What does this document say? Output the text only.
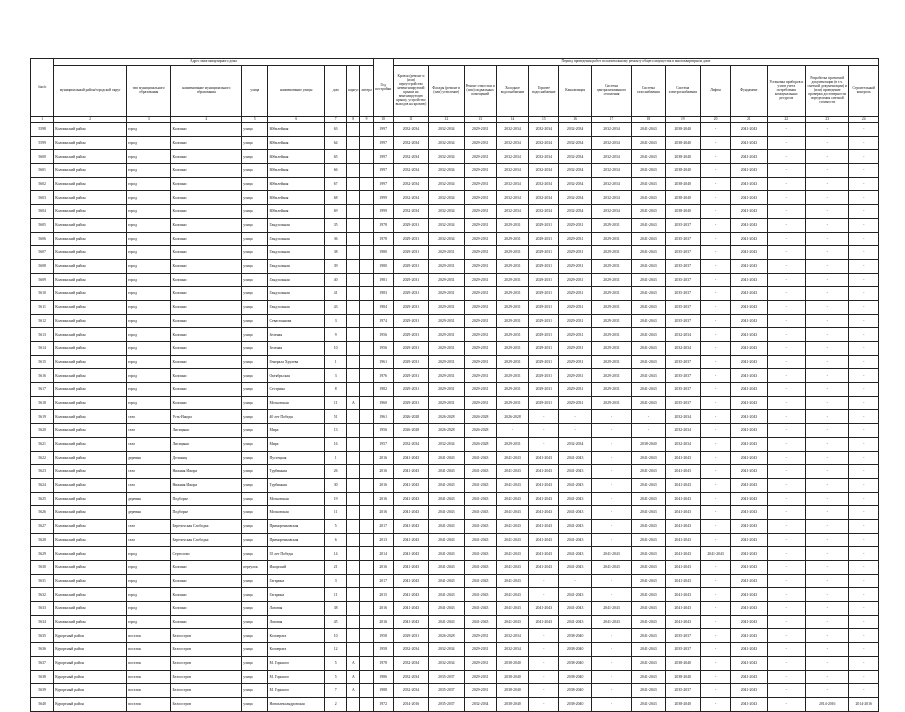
№п/п	Адрес многоквартирного дома								Год постройки	Период проведения работ по капитальному ремонту общего имущества в многоквартирном доме													
	муниципальный район/городской округ	тип муниципального образования	наименование муниципального образования	улица	наименование улицы	дом	корпус	литера		Кровля (ремонт и (или) переустройство невентилируемой крыши на вентилируемую крышу, устройство выходов на кровлю)	Фасады (ремонт и (или) утепление)	Ремонт отмостки и (или) подвальных помещений	Холодное водоснабжение	Горячее водоснабжение	Канализация	Система централизованного отопления	Система газоснабжения	Система электроснабжения	Лифты	Фундамент	Установка приборов и узлов учета потребления коммунальных ресурсов	Разработка проектной документации (в т.ч. сметной документации) и (или) проведение проверки достоверности определения сметной стоимости	Строительный контроль
1	2	3	4	5	6	7	8	9	10	11	12	13	14	15	16	17	18	19	20	21	22	23	24
5598	Колпинский район	город	Колпино	улица	Юбилейная	63			1997	2032-2034	2032-2034	2029-2031	2032-2034	2032-2034	2032-2034	2032-2034	2041-2043	2038-2040	-	2041-2043	-	-	-
5599	Колпинский район	город	Колпино	улица	Юбилейная	64			1997	2032-2034	2032-2034	2029-2031	2032-2034	2032-2034	2032-2034	2032-2034	2041-2043	2038-2040	-	2041-2043	-	-	-
5600	Колпинский район	город	Колпино	улица	Юбилейная	65			1997	2032-2034	2032-2034	2029-2031	2032-2034	2032-2034	2032-2034	2032-2034	2041-2043	2038-2040	-	2041-2043	-	-	-
5601	Колпинский район	город	Колпино	улица	Юбилейная	66			1997	2032-2034	2032-2034	2029-2031	2032-2034	2032-2034	2032-2034	2032-2034	2041-2043	2038-2040	-	2041-2043	-	-	-
5602	Колпинский район	город	Колпино	улица	Юбилейная	67			1997	2032-2034	2032-2034	2029-2031	2032-2034	2032-2034	2032-2034	2032-2034	2041-2043	2038-2040	-	2041-2043	-	-	-
5603	Колпинский район	город	Колпино	улица	Юбилейная	68			1999	2032-2034	2032-2034	2029-2031	2032-2034	2032-2034	2032-2034	2032-2034	2041-2043	2038-2040	-	2041-2043	-	-	-
5604	Колпинский район	город	Колпино	улица	Юбилейная	69			1999	2032-2034	2032-2034	2029-2031	2032-2034	2032-2034	2032-2034	2032-2034	2041-2043	2038-2040	-	2041-2043	-	-	-
5605	Колпинский район	город	Колпино	улица	Гандзольная	35			1978	2029-2031	2032-2034	2029-2031	2029-2031	2029-2031	2029-2031	2029-2031	2041-2043	2035-2037	-	2041-2043	-	-	-
5606	Колпинский район	город	Колпино	улица	Гандзольная	36			1978	2029-2031	2032-2034	2029-2031	2029-2031	2029-2031	2029-2031	2029-2031	2041-2043	2035-2037	-	2041-2043	-	-	-
5607	Колпинский район	город	Колпино	улица	Гандзольная	38			1980	2029-2031	2029-2031	2029-2031	2029-2031	2029-2031	2029-2031	2029-2031	2041-2043	2035-2037	-	2041-2043	-	-	-
5608	Колпинский район	город	Колпино	улица	Гандзольная	39			1980	2029-2031	2029-2031	2029-2031	2029-2031	2029-2031	2029-2031	2029-2031	2041-2043	2035-2037	-	2041-2043	-	-	-
5609	Колпинский район	город	Колпино	улица	Гандзольная	40			1981	2029-2031	2029-2031	2029-2031	2029-2031	2029-2031	2029-2031	2029-2031	2041-2043	2035-2037	-	2041-2043	-	-	-
5610	Колпинский район	город	Колпино	улица	Гандзольная	41			1983	2029-2031	2029-2031	2029-2031	2029-2031	2029-2031	2029-2031	2029-2031	2041-2043	2035-2037	-	2041-2043	-	-	-
5611	Колпинский район	город	Колпино	улица	Гандзольная	43			1984	2029-2031	2029-2031	2029-2031	2029-2031	2029-2031	2029-2031	2029-2031	2041-2043	2035-2037	-	2041-2043	-	-	-
5612	Колпинский район	город	Колпино	улица	Севастьянова	3			1974	2029-2031	2029-2031	2029-2031	2029-2031	2029-2031	2029-2031	2029-2031	2041-2043	2035-2037	-	2041-2043	-	-	-
5613	Колпинский район	город	Колпино	улица	Зеленая	9			1956	2029-2031	2029-2031	2029-2031	2029-2031	2029-2031	2029-2031	2029-2031	2041-2043	2032-2034	-	2041-2043	-	-	-
5614	Колпинский район	город	Колпино	улица	Зеленая	10			1956	2029-2031	2029-2031	2029-2031	2029-2031	2029-2031	2029-2031	2029-2031	2041-2043	2032-2034	-	2041-2043	-	-	-
5615	Колпинский район	город	Колпино	улица	Генерала Хрулева	1			1961	2029-2031	2029-2031	2029-2031	2029-2031	2029-2031	2029-2031	2029-2031	2041-2043	2035-2037	-	2041-2043	-	-	-
5616	Колпинский район	город	Колпино	улица	Октябрьская	3			1976	2029-2031	2029-2031	2029-2031	2029-2031	2029-2031	2029-2031	2029-2031	2041-2043	2035-2037	-	2041-2043	-	-	-
5617	Колпинский район	город	Колпино	улица	Сестрина	8			1982	2029-2031	2029-2031	2029-2031	2029-2031	2029-2031	2029-2031	2029-2031	2041-2043	2035-2037	-	2041-2043	-	-	-
5618	Колпинский район	город	Колпино	улица	Московская	11	А		1960	2029-2031	2029-2031	2029-2031	2029-2031	2029-2031	2029-2031	2029-2031	2041-2043	2035-2037	-	2041-2043	-	-	-
5619	Колпинский район	село	Усть-Ижора	улица	40 лет Победы	51			1961	2026-2028	2026-2028	2026-2028	2026-2028	-	-	-	-	2032-2034	-	2041-2043	-	-	-
5620	Колпинский район	село	Лисицыно	улица	Мира	13			1956	2026-2028	2026-2028	2026-2028	-	-	-	-	-	2032-2034	-	2041-2043	-	-	-
5621	Колпинский район	село	Лисицыно	улица	Мира	16			1957	2032-2034	2032-2034	2026-2028	2029-2031	-	2032-2034	-	2038-2040	2032-2034	-	2041-2043	-	-	-
5622	Колпинский район	деревня	Делиниц	улица	Пустецкая	1			2016	2041-2043	2041-2043	2041-2043	2041-2043	2041-2043	2041-2043	-	2041-2043	2041-2043	-	2041-2043	-	-	-
5623	Колпинский район	село	Нижняя Ижора	улица	Турбинная	26			2016	2041-2043	2041-2043	2041-2043	2041-2043	2041-2043	2041-2043	-	2041-2043	2041-2043	-	2041-2043	-	-	-
5624	Колпинский район	село	Нижняя Ижора	улица	Турбинная	30			2016	2041-2043	2041-2043	2041-2043	2041-2043	2041-2043	2041-2043	-	2041-2043	2041-2043	-	2041-2043	-	-	-
5625	Колпинский район	деревня	Подборье	улица	Московская	19			2016	2041-2043	2041-2043	2041-2043	2041-2043	2041-2043	2041-2043	-	2041-2043	2041-2043	-	2041-2043	-	-	-
5626	Колпинский район	деревня	Подборье	улица	Московская	11			2016	2041-2043	2041-2043	2041-2043	2041-2043	2041-2043	2041-2043	-	2041-2043	2041-2043	-	2041-2043	-	-	-
5627	Колпинский район	село	Березочская Слободка	улица	Приморенковская	5			2017	2041-2043	2041-2043	2041-2043	2041-2043	2041-2043	2041-2043	-	2041-2043	2041-2043	-	2041-2043	-	-	-
5628	Колпинский район	село	Березочская Слободка	улица	Приморенковская	6			2013	2041-2043	2041-2043	2041-2043	2041-2043	2041-2043	2041-2043	-	2041-2043	2041-2043	-	2041-2043	-	-	-
5629	Колпинский район	город	Сертолово	улица	35 лет Победы	14			2014	2041-2043	2041-2043	2041-2043	2041-2043	2041-2043	2041-2043	2041-2043	2041-2043	2041-2043	2041-2043	2041-2043	-	-	-
5630	Колпинский район	город	Колпино	переулок	Ижорский	21			2016	2041-2043	2041-2043	2041-2043	2041-2043	2041-2043	2041-2043	2041-2043	2041-2043	2041-2043	-	2041-2043	-	-	-
5631	Колпинский район	город	Колпино	улица	Гагарина	3			2017	2041-2043	2041-2043	2041-2043	2041-2043	-	-	-	2041-2043	2041-2043	-	2041-2043	-	-	-
5632	Колпинский район	город	Колпино	улица	Гагарина	11			2015	2041-2043	2041-2043	2041-2043	2041-2043	-	2041-2043	-	2041-2043	2041-2043	-	2041-2043	-	-	-
5633	Колпинский район	город	Колпино	улица	Лазовая	38			2016	2041-2043	2041-2043	2041-2043	2041-2043	2041-2043	2041-2043	2041-2043	2041-2043	2041-2043	-	2041-2043	-	-	-
5634	Колпинский район	город	Колпино	улица	Лазовая	45			2016	2041-2043	2041-2043	2041-2043	2041-2043	2041-2043	2041-2043	2041-2043	2041-2043	2041-2043	-	2041-2043	-	-	-
5635	Курортный район	поселок	Белоостров	улица	Кооперата	10			1958	2029-2031	2026-2028	2029-2031	2032-2034	-	2038-2040	-	2041-2043	2035-2037	-	2041-2043	-	-	-
5636	Курортный район	поселок	Белоостров	улица	Кооперата	12			1958	2032-2034	2032-2034	2029-2031	2032-2034	-	2038-2040	-	2041-2043	2035-2037	-	2041-2043	-	-	-
5637	Курортный район	поселок	Белоостров	улица	М. Горького	5	А		1978	2032-2034	2032-2034	2029-2031	2038-2040	-	2038-2040	-	2041-2043	2038-2040	-	2041-2043	-	-	-
5638	Курортный район	поселок	Белоостров	улица	М. Горького	5	А		1986	2032-2034	2035-2037	2029-2031	2038-2040	-	2038-2040	-	2041-2043	2038-2040	-	2041-2043	-	-	-
5639	Курортный район	поселок	Белоостров	улица	М. Горького	7	А		1988	2032-2034	2035-2037	2029-2031	2038-2040	-	2038-2040	-	2041-2043	2035-2037	-	2041-2043	-	-	-
5640	Курортный район	поселок	Белоостров	улица	Новоалександровская	2			1972	2014-2016	2035-2037	2032-2034	2038-2040	-	2038-2040	-	2041-2043	2038-2040	-	2041-2043	-	2014-2016	2014-2016
